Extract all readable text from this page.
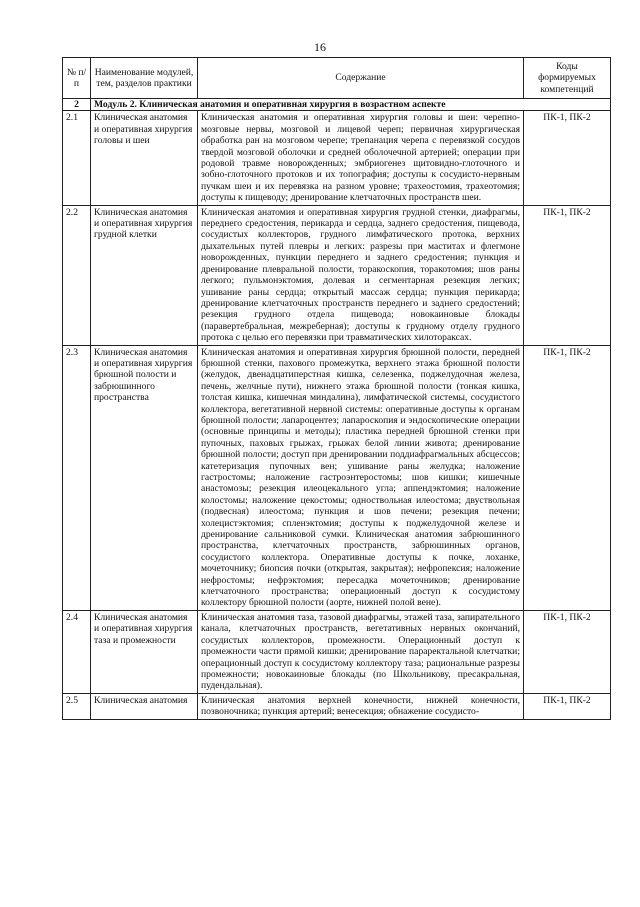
16
№ п/п	Наименование модулей, тем, разделов практики	Содержание	Коды формируемых компетенций
2	Модуль 2. Клиническая анатомия и оперативная хирургия в возрастном аспекте		
2.1	Клиническая анатомия и оперативная хирургия головы и шеи	Клиническая анатомия и оперативная хирургия головы и шеи: черепно-мозговые нервы, мозговой и лицевой череп; первичная хирургическая обработка ран на мозговом черепе; трепанация черепа с перевязкой сосудов твердой мозговой оболочки и средней оболочечной артерией; операции при родовой травме новорожденных; эмбриогенез щитовидно-глоточного и зобно-глоточного протоков и их топография; доступы к сосудисто-нервным пучкам шеи и их перевязка на разном уровне; трахеостомия, трахеотомия; доступы к пищеводу; дренирование клетчаточных пространств шеи.	ПК-1, ПК-2
2.2	Клиническая анатомия и оперативная хирургия грудной клетки	Клиническая анатомия и оперативная хирургия грудной стенки, диафрагмы, переднего средостения, перикарда и сердца, заднего средостения, пищевода, сосудистых коллекторов, грудного лимфатического протока, верхних дыхательных путей плевры и легких: разрезы при маститах и флегмоне новорожденных, пункции переднего и заднего средостения; пункция и дренирование плевральной полости, торакоскопия, торакотомия; шов раны легкого; пульмонэктомия, долевая и сегментарная резекция легких; ушивание раны сердца; открытый массаж сердца; пункция перикарда; дренирование клетчаточных пространств переднего и заднего средостений; резекция грудного отдела пищевода; новокаиновые блокады (паравертебральная, межреберная); доступы к грудному отделу грудного протока с целью его перевязки при травматических хилотораксах.	ПК-1, ПК-2
2.3	Клиническая анатомия и оперативная хирургия брюшной полости и забрюшинного пространства	Клиническая анатомия и оперативная хирургия брюшной полости, передней брюшной стенки, пахового промежутка, верхнего этажа брюшной полости (желудок, двенадцатиперстная кишка, селезенка, поджелудочная железа, печень, желчные пути), нижнего этажа брюшной полости (тонкая кишка, толстая кишка, кишечная миндалина), лимфатической системы, сосудистого коллектора, вегетативной нервной системы: оперативные доступы к органам брюшной полости; лапароцентез; лапароскопия и эндоскопические операции (основные принципы и методы); пластика передней брюшной стенки при пупочных, паховых грыжах, грыжах белой линии живота; дренирование брюшной полости; доступ при дренировании поддиафрагмальных абсцессов; катетеризация пупочных вен; ушивание раны желудка; наложение гастростомы; наложение гастроэнтеростомы; шов кишки; кишечные анастомозы; резекция илеоцекального угла; аппендэктомия; наложение колостомы; наложение цекостомы; одноствольная илеостома; двуствольная (подвесная) илеостома; пункция и шов печени; резекция печени; холецистэктомия; спленэктомия; доступы к поджелудочной железе и дренирование сальниковой сумки. Клиническая анатомия забрюшинного пространства, клетчаточных пространств, забрюшинных органов, сосудистого коллектора. Оперативные доступы к почке, лоханке, мочеточнику; биопсия почки (открытая, закрытая); нефропексия; наложение нефростомы; нефрэктомия; пересадка мочеточников; дренирование клетчаточного пространства; операционный доступ к сосудистому коллектору брюшной полости (аорте, нижней полой вене).	ПК-1, ПК-2
2.4	Клиническая анатомия и оперативная хирургия таза и промежности	Клиническая анатомия таза, тазовой диафрагмы, этажей таза, запирательного канала, клетчаточных пространств, вегетативных нервных окончаний, сосудистых коллекторов, промежности. Операционный доступ к промежности части прямой кишки; дренирование параректальной клетчатки; операционный доступ к сосудистому коллектору таза; рациональные разрезы промежности; новокаиновые блокады (по Школьникову, пресакральная, пудендальная).	ПК-1, ПК-2
2.5	Клиническая анатомия	Клиническая анатомия верхней конечности, нижней конечности, позвоночника; пункция артерий; венесекция; обнажение сосудисто-	ПК-1, ПК-2
